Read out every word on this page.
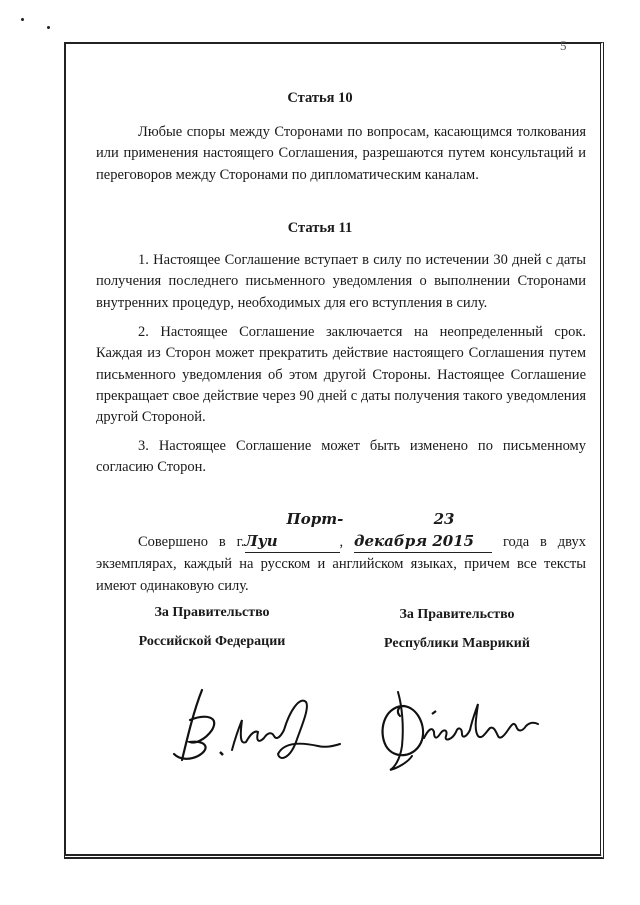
5
Статья 10

Любые споры между Сторонами по вопросам, касающимся толкования или применения настоящего Соглашения, разрешаются путем консультаций и переговоров между Сторонами по дипломатическим каналам.

Статья 11

1. Настоящее Соглашение вступает в силу по истечении 30 дней с даты получения последнего письменного уведомления о выполнении Сторонами внутренних процедур, необходимых для его вступления в силу.

2. Настоящее Соглашение заключается на неопределенный срок. Каждая из Сторон может прекратить действие настоящего Соглашения путем письменного уведомления об этом другой Стороны. Настоящее Соглашение прекращает свое действие через 90 дней с даты получения такого уведомления другой Стороной.

3. Настоящее Соглашение может быть изменено по письменному согласию Сторон.

Совершено в г.Порт-Луи	, 23 декабря 2015 года в двух экземплярах, каждый на русском и английском языках, причем все тексты имеют одинаковую силу.

За Правительство
Российской Федерации
За Правительство
Республики Маврикий
